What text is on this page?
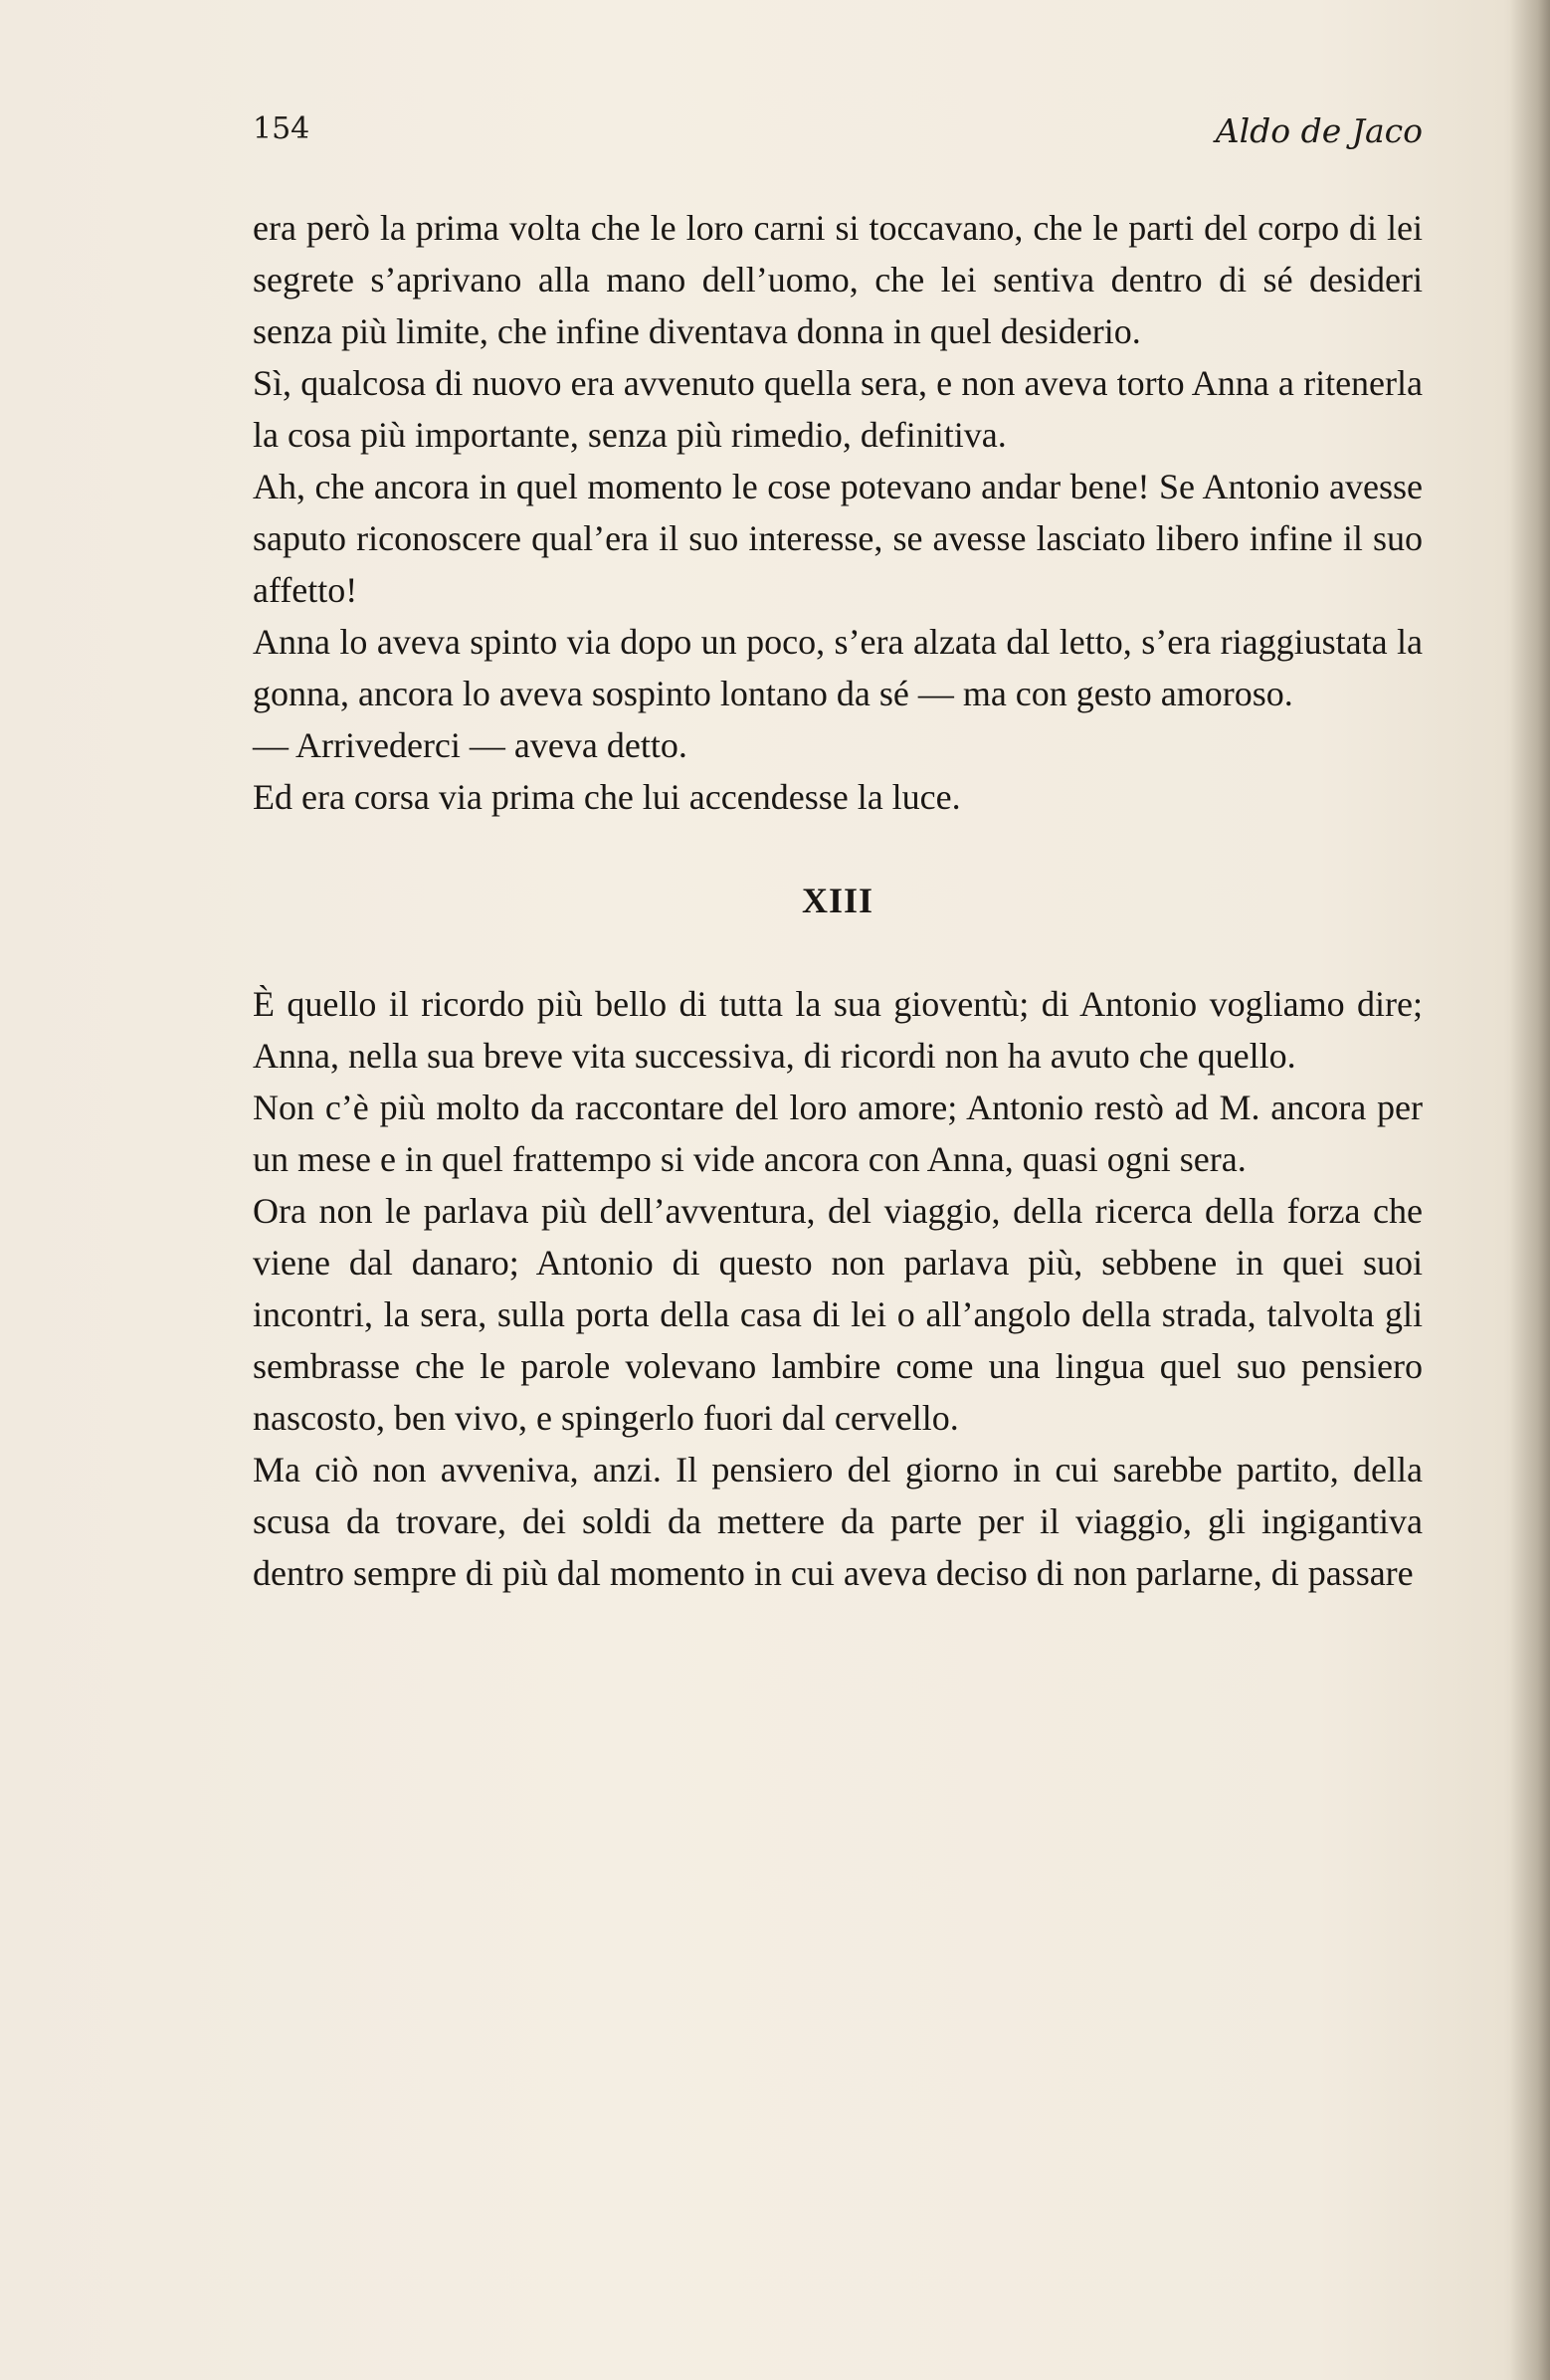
154	Aldo de Jaco

era però la prima volta che le loro carni si toccavano, che le parti del corpo di lei segrete s’aprivano alla mano dell’uomo, che lei sentiva dentro di sé desideri senza più limite, che infine diventava donna in quel desiderio.

Sì, qualcosa di nuovo era avvenuto quella sera, e non aveva torto Anna a ritenerla la cosa più importante, senza più rimedio, definitiva.

Ah, che ancora in quel momento le cose potevano andar bene! Se Antonio avesse saputo riconoscere qual’era il suo interesse, se avesse lasciato libero infine il suo affetto!

Anna lo aveva spinto via dopo un poco, s’era alzata dal letto, s’era riaggiustata la gonna, ancora lo aveva sospinto lontano da sé — ma con gesto amoroso.

— Arrivederci — aveva detto.

Ed era corsa via prima che lui accendesse la luce.

XIII

È quello il ricordo più bello di tutta la sua gioventù; di Antonio vogliamo dire; Anna, nella sua breve vita successiva, di ricordi non ha avuto che quello.

Non c’è più molto da raccontare del loro amore; Antonio restò ad M. ancora per un mese e in quel frattempo si vide ancora con Anna, quasi ogni sera.

Ora non le parlava più dell’avventura, del viaggio, della ricerca della forza che viene dal danaro; Antonio di questo non parlava più, sebbene in quei suoi incontri, la sera, sulla porta della casa di lei o all’angolo della strada, talvolta gli sembrasse che le parole volevano lambire come una lingua quel suo pensiero nascosto, ben vivo, e spingerlo fuori dal cervello.

Ma ciò non avveniva, anzi. Il pensiero del giorno in cui sarebbe partito, della scusa da trovare, dei soldi da mettere da parte per il viaggio, gli ingigantiva dentro sempre di più dal momento in cui aveva deciso di non parlarne, di passare
